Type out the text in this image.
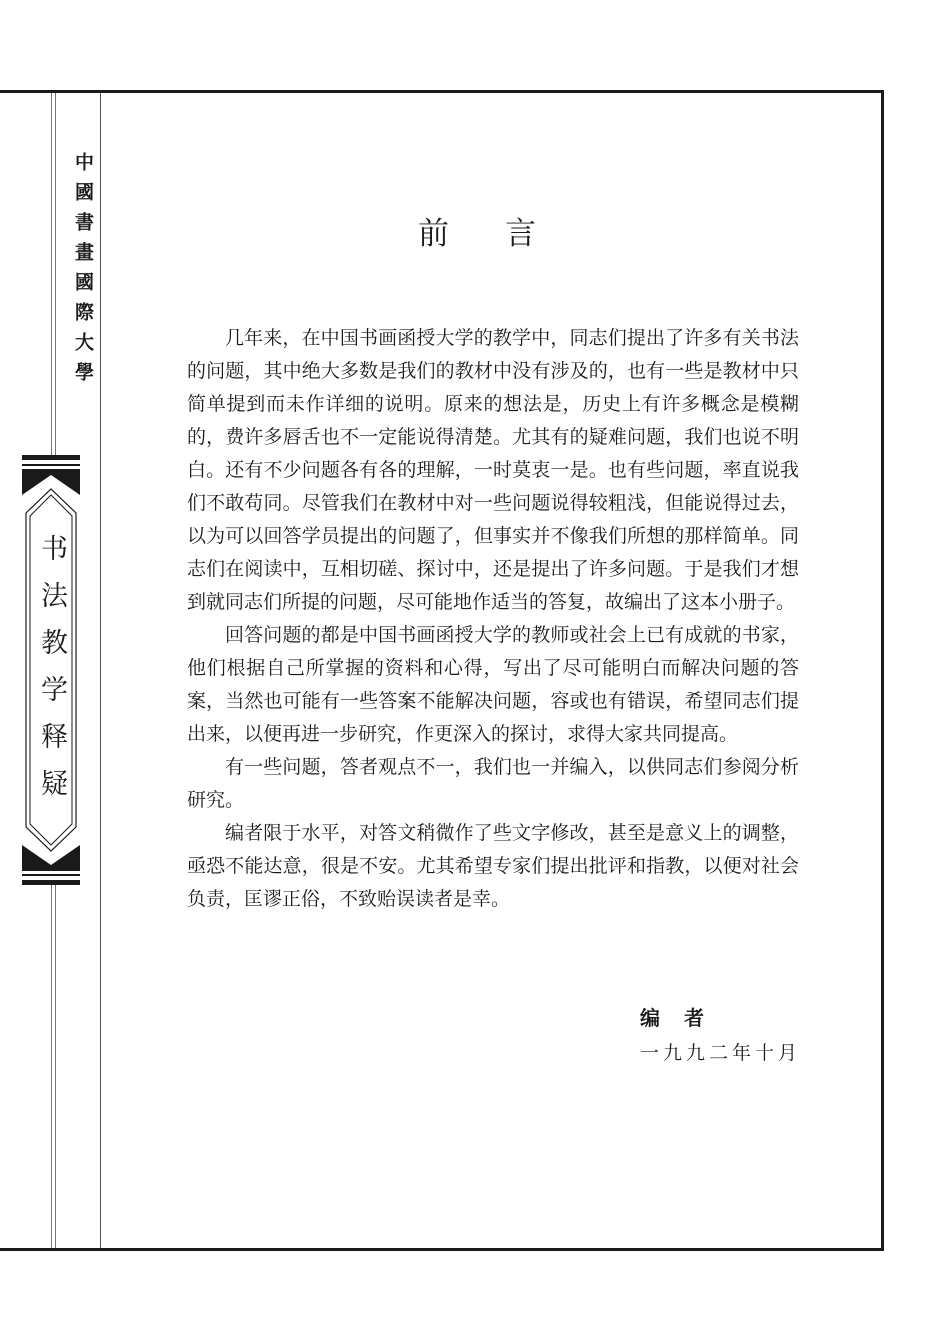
中國書畫國際大學
书法教学释疑
前言

几年来，在中国书画函授大学的教学中，同志们提出了许多有关书法的问题，其中绝大多数是我们的教材中没有涉及的，也有一些是教材中只简单提到而未作详细的说明。原来的想法是，历史上有许多概念是模糊的，费许多唇舌也不一定能说得清楚。尤其有的疑难问题，我们也说不明白。还有不少问题各有各的理解，一时莫衷一是。也有些问题，率直说我们不敢苟同。尽管我们在教材中对一些问题说得较粗浅，但能说得过去，以为可以回答学员提出的问题了，但事实并不像我们所想的那样简单。同志们在阅读中，互相切磋、探讨中，还是提出了许多问题。于是我们才想到就同志们所提的问题，尽可能地作适当的答复，故编出了这本小册子。

回答问题的都是中国书画函授大学的教师或社会上已有成就的书家，他们根据自己所掌握的资料和心得，写出了尽可能明白而解决问题的答案，当然也可能有一些答案不能解决问题，容或也有错误，希望同志们提出来，以便再进一步研究，作更深入的探讨，求得大家共同提高。

有一些问题，答者观点不一，我们也一并编入，以供同志们参阅分析研究。

编者限于水平，对答文稍微作了些文字修改，甚至是意义上的调整，亟恐不能达意，很是不安。尤其希望专家们提出批评和指教，以便对社会负责，匡谬正俗，不致贻误读者是幸。

编者
一九九二年十月
